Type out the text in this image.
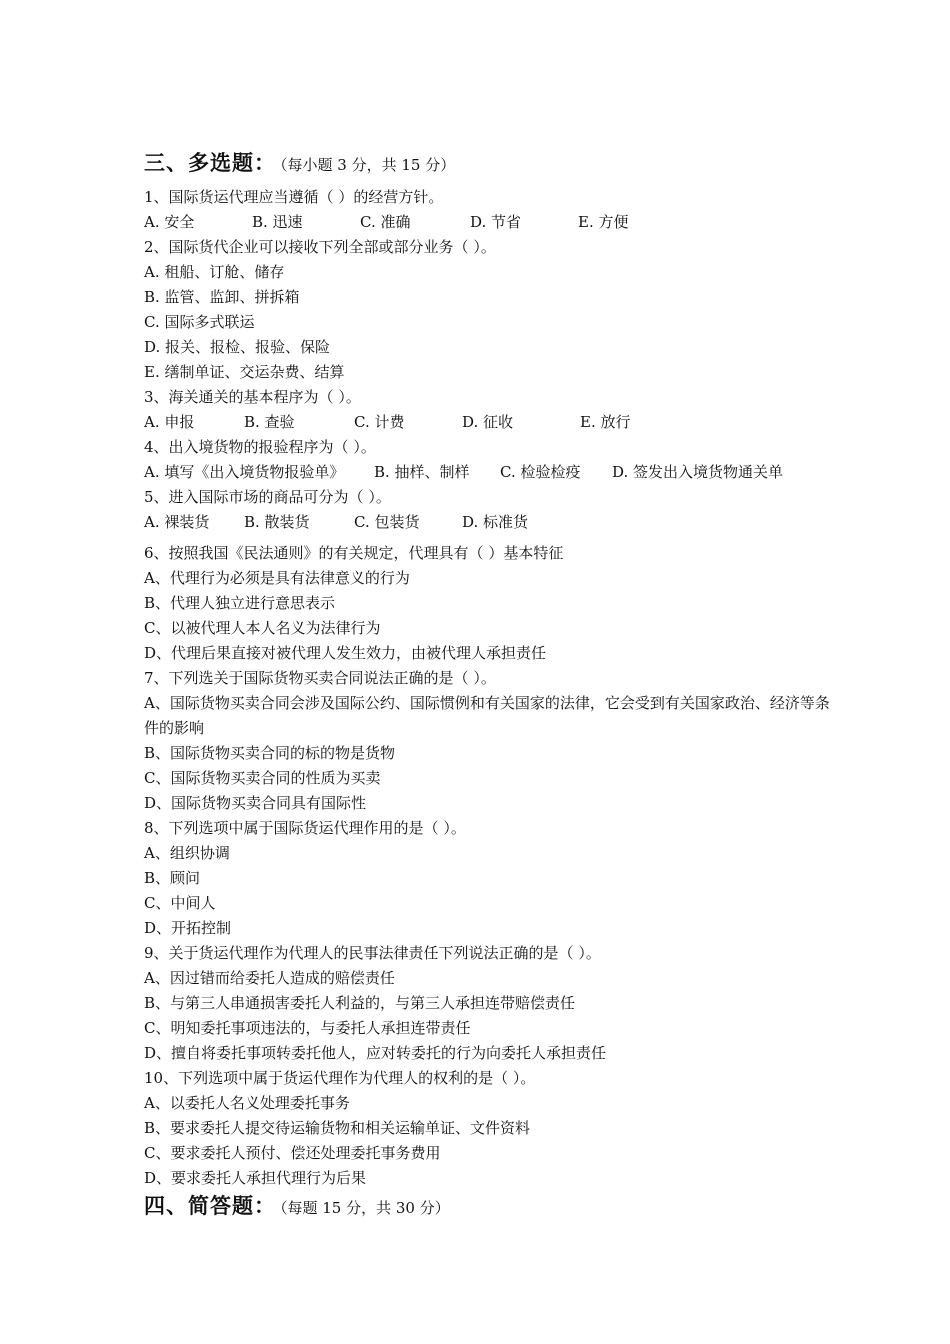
三、多选题： （每小题 3 分，共 15 分）
1、国际货运代理应当遵循（ ）的经营方针。
A. 安全	B. 迅速	C. 准确	D. 节省	E. 方便
2、国际货代企业可以接收下列全部或部分业务（ ）。
A. 租船、订舱、储存
B. 监管、监卸、拼拆箱
C. 国际多式联运
D. 报关、报检、报验、保险
E. 缮制单证、交运杂费、结算
3、海关通关的基本程序为（ ）。
A. 申报	B. 查验	C. 计费	D. 征收	E. 放行
4、出入境货物的报验程序为（ ）。
A. 填写《出入境货物报验单》	B. 抽样、制样	C. 检验检疫	D. 签发出入境货物通关单
5、进入国际市场的商品可分为（ ）。
A. 裸装货	B. 散装货	C. 包装货	D. 标准货
6、按照我国《民法通则》的有关规定，代理具有（ ）基本特征
A、代理行为必须是具有法律意义的行为
B、代理人独立进行意思表示
C、以被代理人本人名义为法律行为
D、代理后果直接对被代理人发生效力，由被代理人承担责任
7、下列选关于国际货物买卖合同说法正确的是（ ）。
A、国际货物买卖合同会涉及国际公约、国际惯例和有关国家的法律，它会受到有关国家政治、经济等条件的影响
B、国际货物买卖合同的标的物是货物
C、国际货物买卖合同的性质为买卖
D、国际货物买卖合同具有国际性
8、下列选项中属于国际货运代理作用的是（ ）。
A、组织协调
B、顾问
C、中间人
D、开拓控制
9、关于货运代理作为代理人的民事法律责任下列说法正确的是（ ）。
A、因过错而给委托人造成的赔偿责任
B、与第三人串通损害委托人利益的，与第三人承担连带赔偿责任
C、明知委托事项违法的，与委托人承担连带责任
D、擅自将委托事项转委托他人，应对转委托的行为向委托人承担责任
10、下列选项中属于货运代理作为代理人的权利的是（ ）。
A、以委托人名义处理委托事务
B、要求委托人提交待运输货物和相关运输单证、文件资料
C、要求委托人预付、偿还处理委托事务费用
D、要求委托人承担代理行为后果
四、简答题： （每题 15 分，共 30 分）
